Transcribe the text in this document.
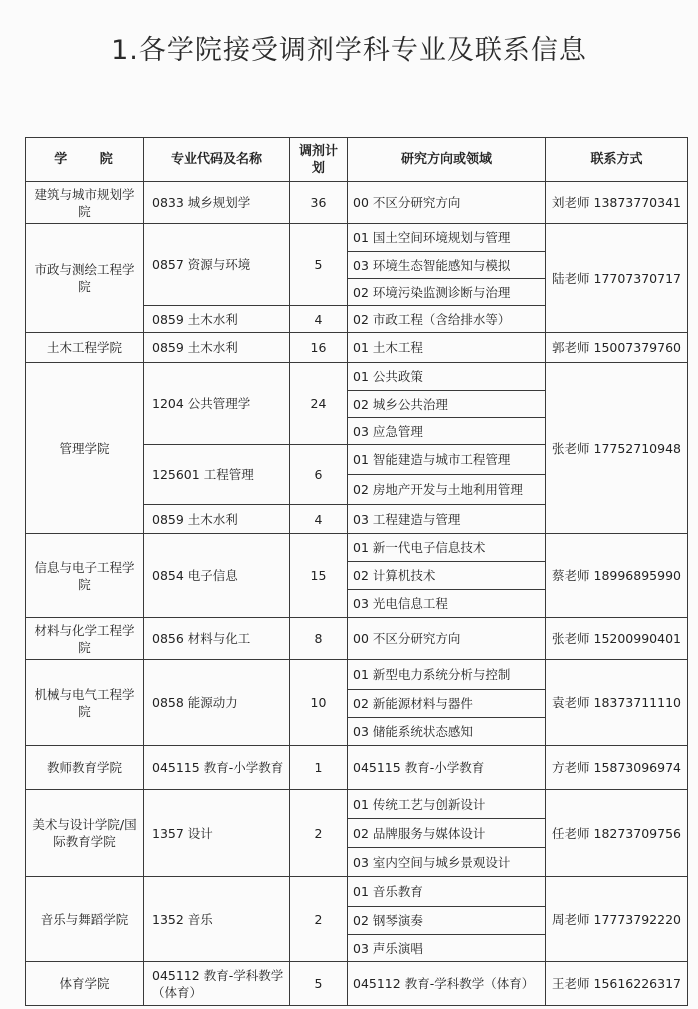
1.各学院接受调剂学科专业及联系信息
学 院	专业代码及名称	调剂计划	研究方向或领域	联系方式
建筑与城市规划学院	0833 城乡规划学	36	00 不区分研究方向	刘老师 13873770341
市政与测绘工程学院	0857 资源与环境	5	01 国土空间环境规划与管理	陆老师 17707370717
			03 环境生态智能感知与模拟	
			02 环境污染监测诊断与治理	
	0859 土木水利	4	02 市政工程（含给排水等）	
土木工程学院	0859 土木水利	16	01 土木工程	郭老师 15007379760
管理学院	1204 公共管理学	24	01 公共政策	张老师 17752710948
			02 城乡公共治理	
			03 应急管理	
	125601 工程管理	6	01 智能建造与城市工程管理	
			02 房地产开发与土地利用管理	
	0859 土木水利	4	03 工程建造与管理	
信息与电子工程学院	0854 电子信息	15	01 新一代电子信息技术	蔡老师 18996895990
			02 计算机技术	
			03 光电信息工程	
材料与化学工程学院	0856 材料与化工	8	00 不区分研究方向	张老师 15200990401
机械与电气工程学院	0858 能源动力	10	01 新型电力系统分析与控制	袁老师 18373711110
			02 新能源材料与器件	
			03 储能系统状态感知	
教师教育学院	045115 教育-小学教育	1	045115 教育-小学教育	方老师 15873096974
美术与设计学院/国际教育学院	1357 设计	2	01 传统工艺与创新设计	任老师 18273709756
			02 品牌服务与媒体设计	
			03 室内空间与城乡景观设计	
音乐与舞蹈学院	1352 音乐	2	01 音乐教育	周老师 17773792220
			02 钢琴演奏	
			03 声乐演唱	
体育学院	045112 教育-学科教学（体育）	5	045112 教育-学科教学（体育）	王老师 15616226317
